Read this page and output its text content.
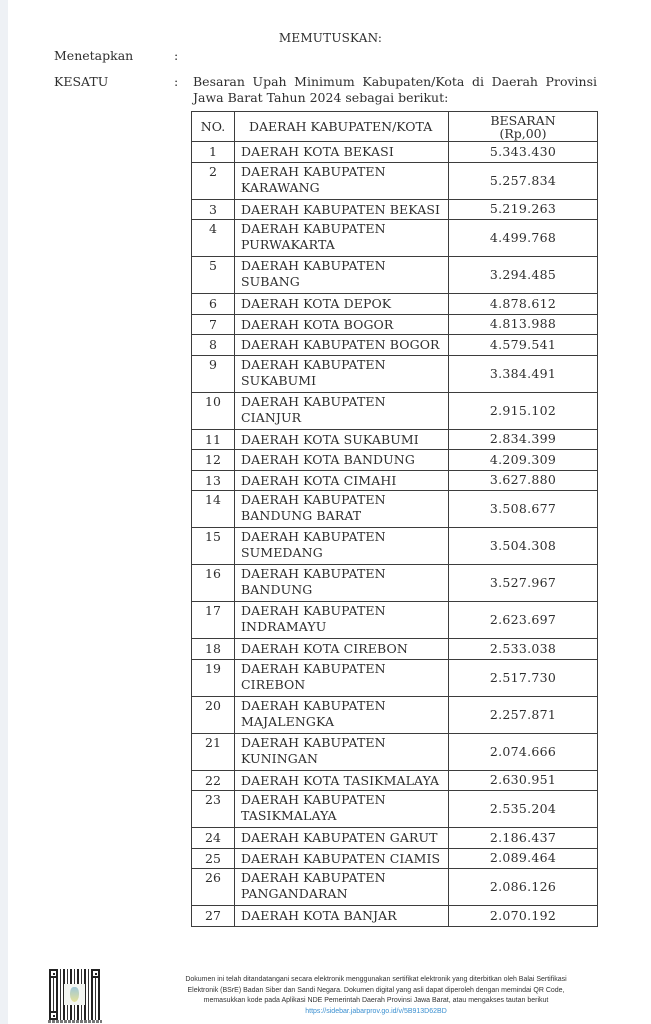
MEMUTUSKAN:
Menetapkan	:
KESATU	: Besaran Upah Minimum Kabupaten/Kota di Daerah Provinsi
Jawa Barat Tahun 2024 sebagai berikut:
NO.	DAERAH KABUPATEN/KOTA	BESARAN
(Rp,00)

1	DAERAH KOTA BEKASI	5.343.430
2	DAERAH KABUPATEN
KARAWANG	5.257.834
3	DAERAH KABUPATEN BEKASI	5.219.263
4	DAERAH KABUPATEN
PURWAKARTA	4.499.768
5	DAERAH KABUPATEN
SUBANG	3.294.485
6	DAERAH KOTA DEPOK	4.878.612
7	DAERAH KOTA BOGOR	4.813.988
8	DAERAH KABUPATEN BOGOR	4.579.541
9	DAERAH KABUPATEN
SUKABUMI	3.384.491
10	DAERAH KABUPATEN
CIANJUR	2.915.102
11	DAERAH KOTA SUKABUMI	2.834.399
12	DAERAH KOTA BANDUNG	4.209.309
13	DAERAH KOTA CIMAHI	3.627.880
14	DAERAH KABUPATEN
BANDUNG BARAT	3.508.677
15	DAERAH KABUPATEN
SUMEDANG	3.504.308
16	DAERAH KABUPATEN
BANDUNG	3.527.967
17	DAERAH KABUPATEN
INDRAMAYU	2.623.697
18	DAERAH KOTA CIREBON	2.533.038
19	DAERAH KABUPATEN
CIREBON	2.517.730
20	DAERAH KABUPATEN
MAJALENGKA	2.257.871
21	DAERAH KABUPATEN
KUNINGAN	2.074.666
22	DAERAH KOTA TASIKMALAYA	2.630.951
23	DAERAH KABUPATEN
TASIKMALAYA	2.535.204
24	DAERAH KABUPATEN GARUT	2.186.437
25	DAERAH KABUPATEN CIAMIS	2.089.464
26	DAERAH KABUPATEN
PANGANDARAN	2.086.126
27	DAERAH KOTA BANJAR	2.070.192
Dokumen ini telah ditandatangani secara elektronik menggunakan sertifikat elektronik yang diterbitkan oleh Balai Sertifikasi
Elektronik (BSrE) Badan Siber dan Sandi Negara. Dokumen digital yang asli dapat diperoleh dengan memindai QR Code,
memasukkan kode pada Aplikasi NDE Pemerintah Daerah Provinsi Jawa Barat, atau mengakses tautan berikut
https://sidebar.jabarprov.go.id/v/5B913D62BD
